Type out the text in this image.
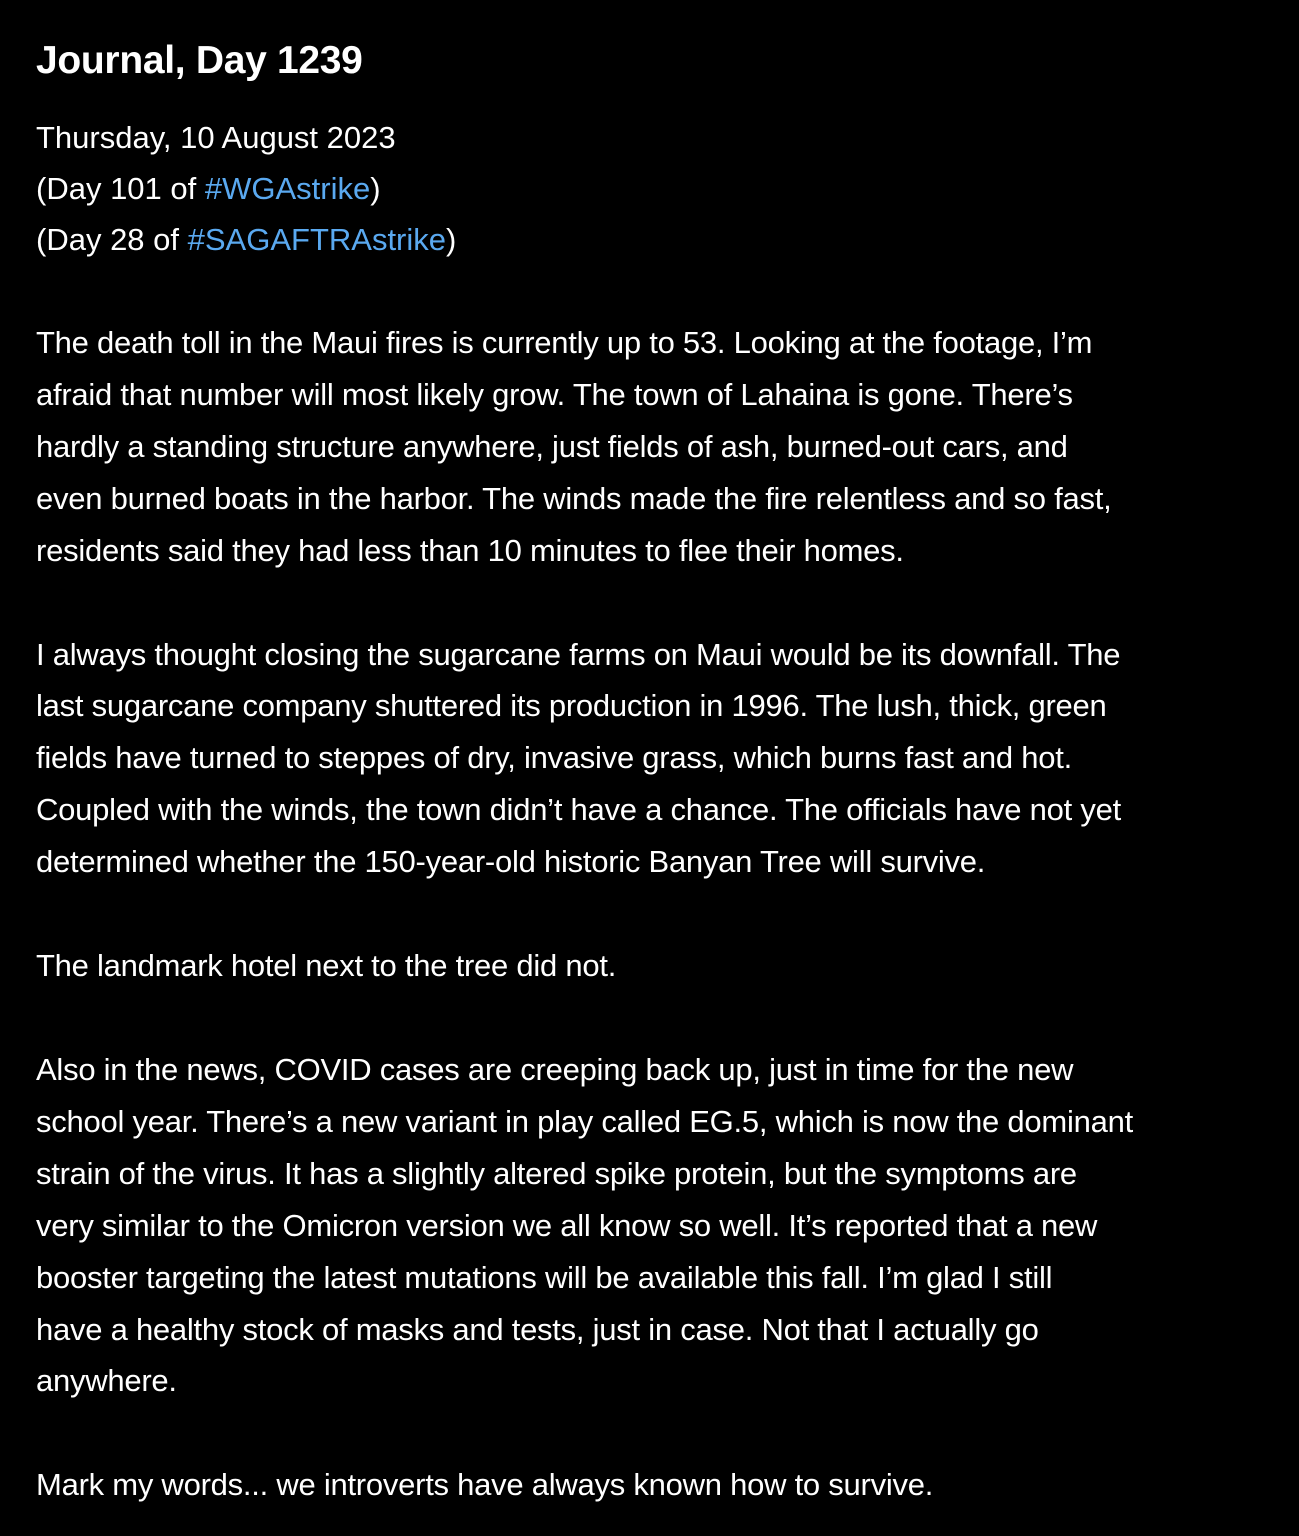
Journal, Day 1239
Thursday, 10 August 2023
(Day 101 of #WGAstrike)
(Day 28 of #SAGAFTRAstrike)

The death toll in the Maui fires is currently up to 53. Looking at the footage, I’m
afraid that number will most likely grow. The town of Lahaina is gone. There’s
hardly a standing structure anywhere, just fields of ash, burned-out cars, and
even burned boats in the harbor. The winds made the fire relentless and so fast,
residents said they had less than 10 minutes to flee their homes.

I always thought closing the sugarcane farms on Maui would be its downfall. The
last sugarcane company shuttered its production in 1996. The lush, thick, green
fields have turned to steppes of dry, invasive grass, which burns fast and hot.
Coupled with the winds, the town didn’t have a chance. The officials have not yet
determined whether the 150-year-old historic Banyan Tree will survive.

The landmark hotel next to the tree did not.

Also in the news, COVID cases are creeping back up, just in time for the new
school year. There’s a new variant in play called EG.5, which is now the dominant
strain of the virus. It has a slightly altered spike protein, but the symptoms are
very similar to the Omicron version we all know so well. It’s reported that a new
booster targeting the latest mutations will be available this fall. I’m glad I still
have a healthy stock of masks and tests, just in case. Not that I actually go
anywhere.

Mark my words... we introverts have always known how to survive.
